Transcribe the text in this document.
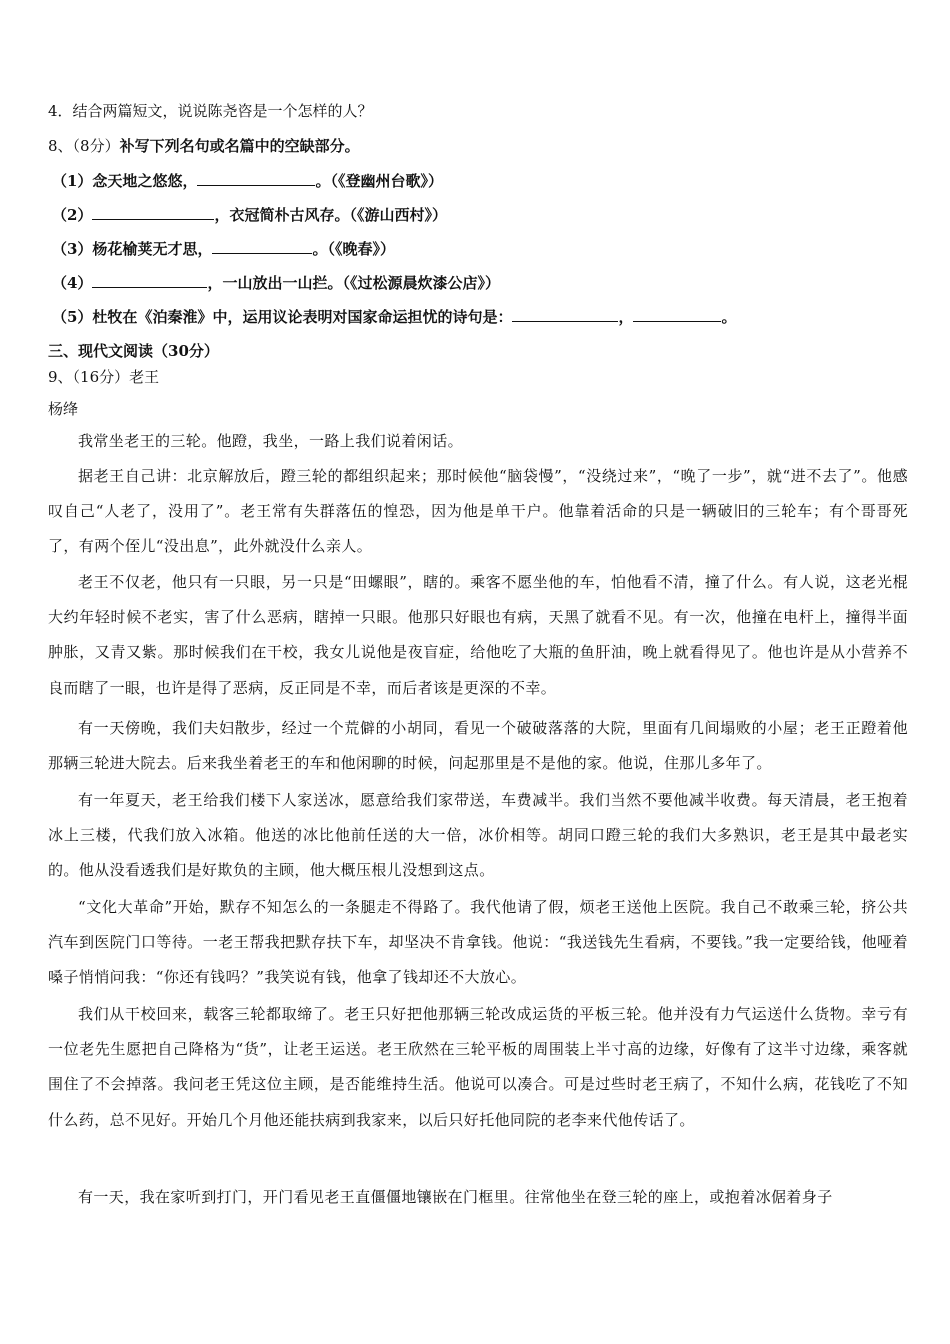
4．结合两篇短文，说说陈尧咨是一个怎样的人？
8、（8分）补写下列名句或名篇中的空缺部分。
（1）念天地之悠悠，	。（《登幽州台歌》）
（2）	，衣冠简朴古风存。（《游山西村》）
（3）杨花榆荚无才思，	。（《晚春》）
（4）	，一山放出一山拦。（《过松源晨炊漆公店》）
（5）杜牧在《泊秦淮》中，运用议论表明对国家命运担忧的诗句是：	，	。
三、现代文阅读（30分）
9、（16分）老王
杨绛
我常坐老王的三轮。他蹬，我坐，一路上我们说着闲话。
据老王自己讲：北京解放后，蹬三轮的都组织起来；那时候他“脑袋慢”，“没绕过来”，“晚了一步”，就“进不去了”。他感叹自己“人老了，没用了”。老王常有失群落伍的惶恐，因为他是单干户。他靠着活命的只是一辆破旧的三轮车；有个哥哥死了，有两个侄儿“没出息”，此外就没什么亲人。
老王不仅老，他只有一只眼，另一只是“田螺眼”，瞎的。乘客不愿坐他的车，怕他看不清，撞了什么。有人说，这老光棍大约年轻时候不老实，害了什么恶病，瞎掉一只眼。他那只好眼也有病，天黑了就看不见。有一次，他撞在电杆上，撞得半面肿胀，又青又紫。那时候我们在干校，我女儿说他是夜盲症，给他吃了大瓶的鱼肝油，晚上就看得见了。他也许是从小营养不良而瞎了一眼，也许是得了恶病，反正同是不幸，而后者该是更深的不幸。
有一天傍晚，我们夫妇散步，经过一个荒僻的小胡同，看见一个破破落落的大院，里面有几间塌败的小屋；老王正蹬着他那辆三轮进大院去。后来我坐着老王的车和他闲聊的时候，问起那里是不是他的家。他说，住那儿多年了。
有一年夏天，老王给我们楼下人家送冰，愿意给我们家带送，车费减半。我们当然不要他减半收费。每天清晨，老王抱着冰上三楼，代我们放入冰箱。他送的冰比他前任送的大一倍，冰价相等。胡同口蹬三轮的我们大多熟识，老王是其中最老实的。他从没看透我们是好欺负的主顾，他大概压根儿没想到这点。
“文化大革命”开始，默存不知怎么的一条腿走不得路了。我代他请了假，烦老王送他上医院。我自己不敢乘三轮，挤公共汽车到医院门口等待。一老王帮我把默存扶下车，却坚决不肯拿钱。他说：“我送钱先生看病，不要钱。”我一定要给钱，他哑着嗓子悄悄问我：“你还有钱吗？”我笑说有钱，他拿了钱却还不大放心。
我们从干校回来，载客三轮都取缔了。老王只好把他那辆三轮改成运货的平板三轮。他并没有力气运送什么货物。幸亏有一位老先生愿把自己降格为“货”，让老王运送。老王欣然在三轮平板的周围装上半寸高的边缘，好像有了这半寸边缘，乘客就围住了不会掉落。我问老王凭这位主顾，是否能维持生活。他说可以凑合。可是过些时老王病了，不知什么病，花钱吃了不知什么药，总不见好。开始几个月他还能扶病到我家来，以后只好托他同院的老李来代他传话了。
有一天，我在家听到打门，开门看见老王直僵僵地镶嵌在门框里。往常他坐在登三轮的座上，或抱着冰倨着身子
